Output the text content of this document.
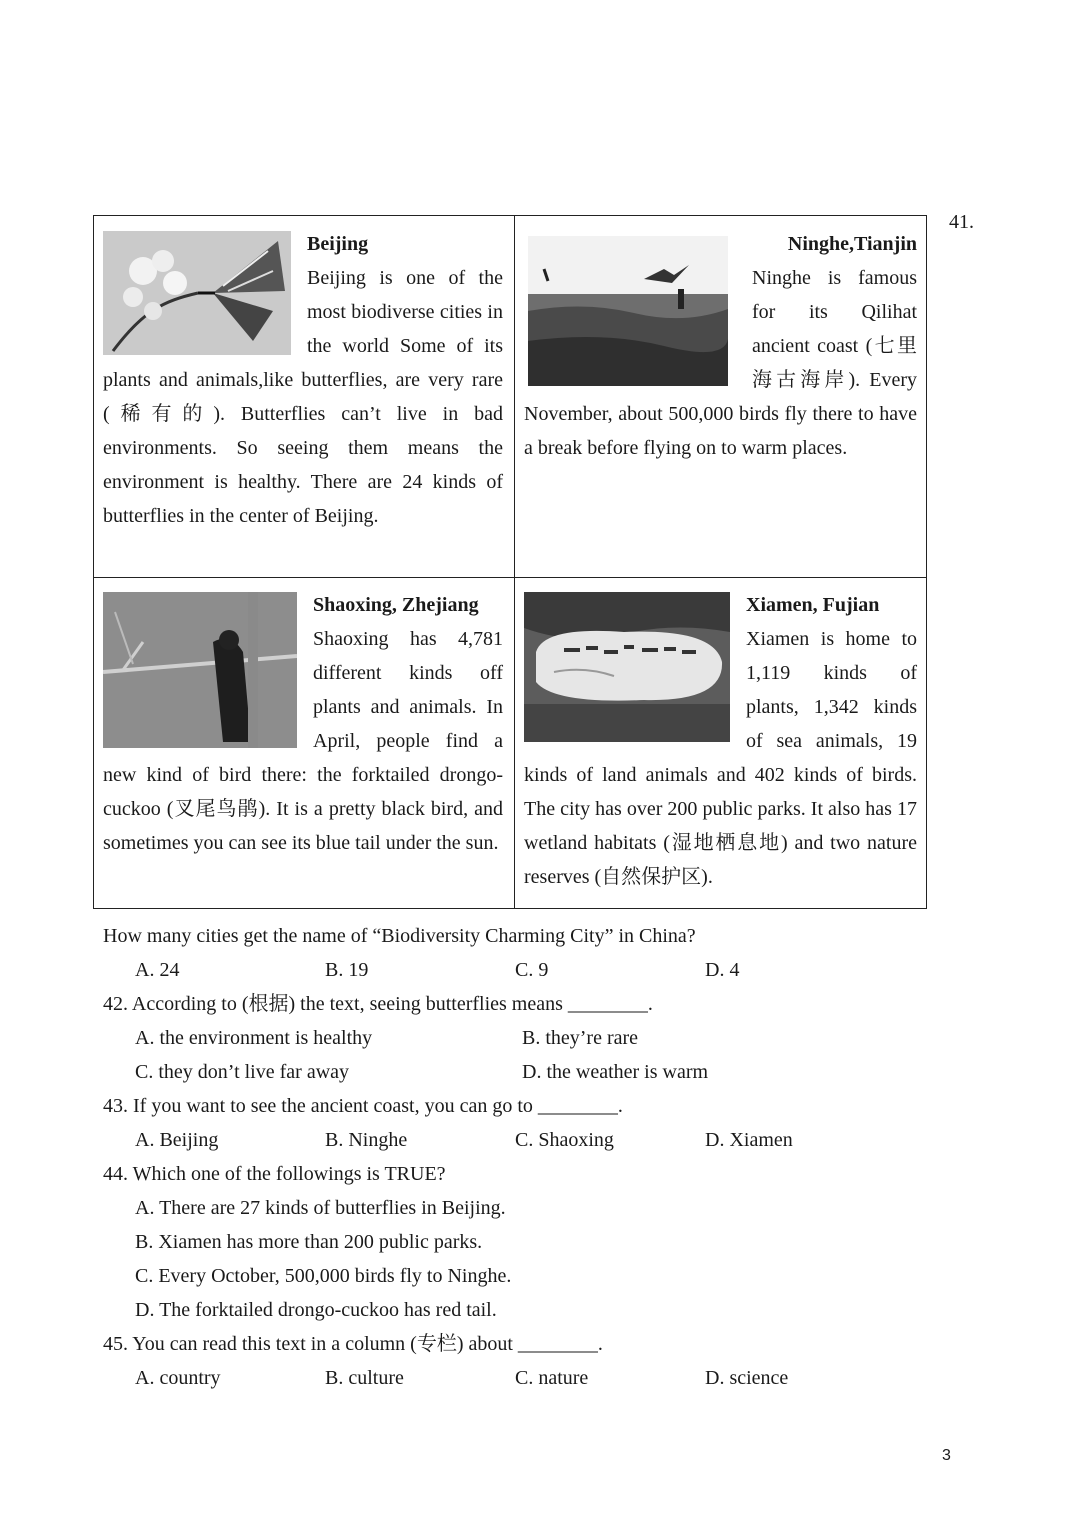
41.

Beijing
Beijing is one of the most biodiverse cities in the world Some of its plants and animals,like butterflies, are very rare (稀有的). Butterflies can’t live in bad environments. So seeing them means the environment is healthy. There are 24 kinds of butterflies in the center of Beijing.

Ninghe,Tianjin
Ninghe is famous for its Qilihat ancient coast (七里海古海岸). Every November, about 500,000 birds fly there to have a break before flying on to warm places.

Shaoxing, Zhejiang
Shaoxing has 4,781 different kinds off plants and animals. In April, people find a new kind of bird there: the forktailed drongo-cuckoo (叉尾鸟鹃). It is a pretty black bird, and sometimes you can see its blue tail under the sun.

Xiamen, Fujian
Xiamen is home to 1,119 kinds of plants, 1,342 kinds of sea animals, 19 kinds of land animals and 402 kinds of birds. The city has over 200 public parks. It also has 17 wetland habitats (湿地栖息地) and two nature reserves (自然保护区).

How many cities get the name of “Biodiversity Charming City” in China?
A. 24	B. 19	C. 9	D. 4
42. According to (根据) the text, seeing butterflies means ________.
A. the environment is healthy	B. they’re rare
C. they don’t live far away	D. the weather is warm
43. If you want to see the ancient coast, you can go to ________.
A. Beijing	B. Ninghe	C. Shaoxing	D. Xiamen
44. Which one of the followings is TRUE?
A. There are 27 kinds of butterflies in Beijing.
B. Xiamen has more than 200 public parks.
C. Every October, 500,000 birds fly to Ninghe.
D. The forktailed drongo-cuckoo has red tail.
45. You can read this text in a column (专栏) about ________.
A. country	B. culture	C. nature	D. science
3
